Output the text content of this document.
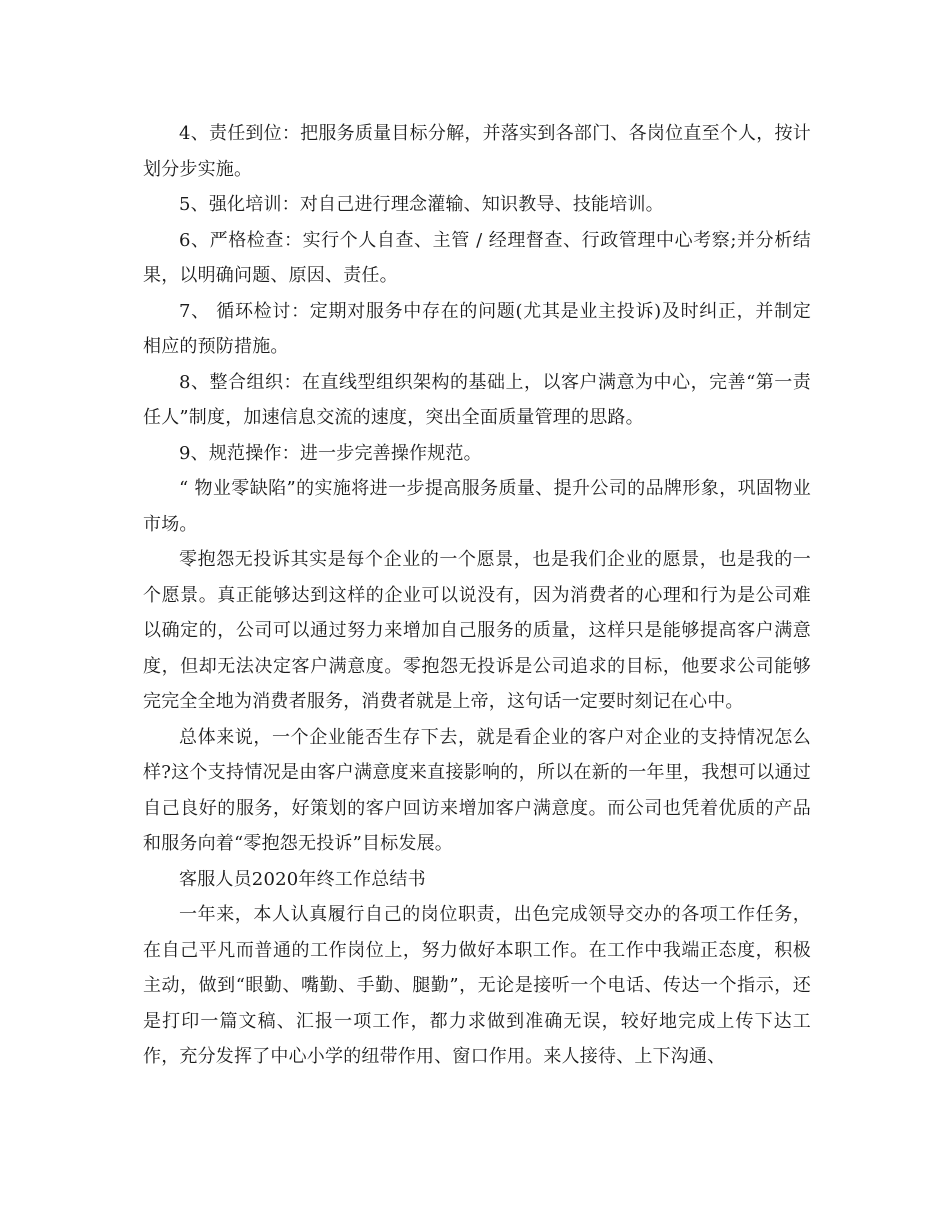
4、责任到位：把服务质量目标分解，并落实到各部门、各岗位直至个人，按计划分步实施。

5、强化培训：对自己进行理念灌输、知识教导、技能培训。

6、严格检查：实行个人自查、主管 / 经理督查、行政管理中心考察;并分析结果，以明确问题、原因、责任。

7、 循环检讨：定期对服务中存在的问题(尤其是业主投诉)及时纠正，并制定相应的预防措施。

8、整合组织：在直线型组织架构的基础上，以客户满意为中心，完善“第一责任人”制度，加速信息交流的速度，突出全面质量管理的思路。

9、规范操作：进一步完善操作规范。

“ 物业零缺陷”的实施将进一步提高服务质量、提升公司的品牌形象，巩固物业市场。

零抱怨无投诉其实是每个企业的一个愿景，也是我们企业的愿景，也是我的一个愿景。真正能够达到这样的企业可以说没有，因为消费者的心理和行为是公司难以确定的，公司可以通过努力来增加自己服务的质量，这样只是能够提高客户满意度，但却无法决定客户满意度。零抱怨无投诉是公司追求的目标，他要求公司能够完完全全地为消费者服务，消费者就是上帝，这句话一定要时刻记在心中。

总体来说，一个企业能否生存下去，就是看企业的客户对企业的支持情况怎么样?这个支持情况是由客户满意度来直接影响的，所以在新的一年里，我想可以通过自己良好的服务，好策划的客户回访来增加客户满意度。而公司也凭着优质的产品和服务向着“零抱怨无投诉”目标发展。

客服人员2020年终工作总结书

一年来，本人认真履行自己的岗位职责，出色完成领导交办的各项工作任务，在自己平凡而普通的工作岗位上，努力做好本职工作。在工作中我端正态度，积极主动，做到“眼勤、嘴勤、手勤、腿勤”，无论是接听一个电话、传达一个指示，还是打印一篇文稿、汇报一项工作，都力求做到准确无误，较好地完成上传下达工作，充分发挥了中心小学的纽带作用、窗口作用。来人接待、上下沟通、
